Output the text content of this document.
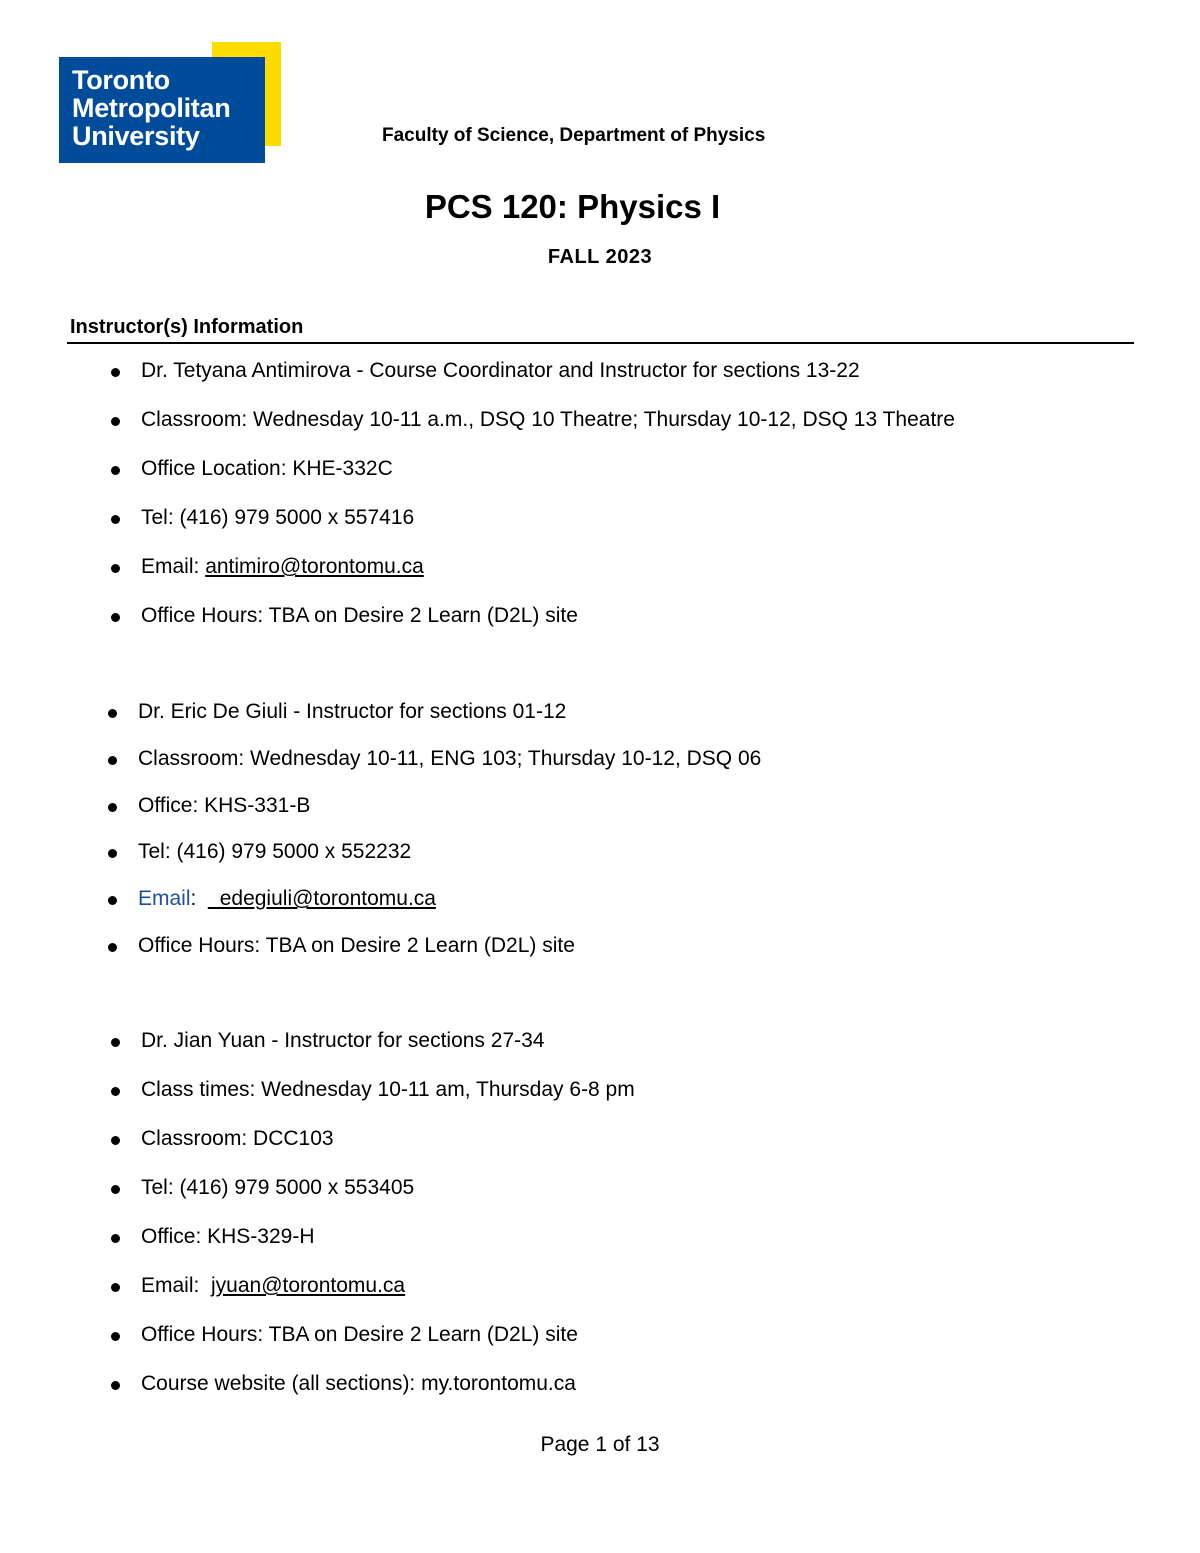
Toronto
Metropolitan
University	Faculty of Science, Department of Physics
PCS 120: Physics I
FALL 2023
Instructor(s) Information
Dr. Tetyana Antimirova - Course Coordinator and Instructor for sections 13-22
Classroom: Wednesday 10-11 a.m., DSQ 10 Theatre; Thursday 10-12, DSQ 13 Theatre
Office Location: KHE-332C
Tel: (416) 979 5000 x 557416
Email: antimiro@torontomu.ca
Office Hours: TBA on Desire 2 Learn (D2L) site
Dr. Eric De Giuli - Instructor for sections 01-12
Classroom: Wednesday 10-11, ENG 103; Thursday 10-12, DSQ 06
Office: KHS-331-B
Tel: (416) 979 5000 x 552232
Email:  _edegiuli@torontomu.ca
Office Hours: TBA on Desire 2 Learn (D2L) site
Dr. Jian Yuan - Instructor for sections 27-34
Class times: Wednesday 10-11 am, Thursday 6-8 pm
Classroom: DCC103
Tel: (416) 979 5000 x 553405
Office: KHS-329-H
Email:  jyuan@torontomu.ca
Office Hours: TBA on Desire 2 Learn (D2L) site
Course website (all sections): my.torontomu.ca
Page 1 of 13
